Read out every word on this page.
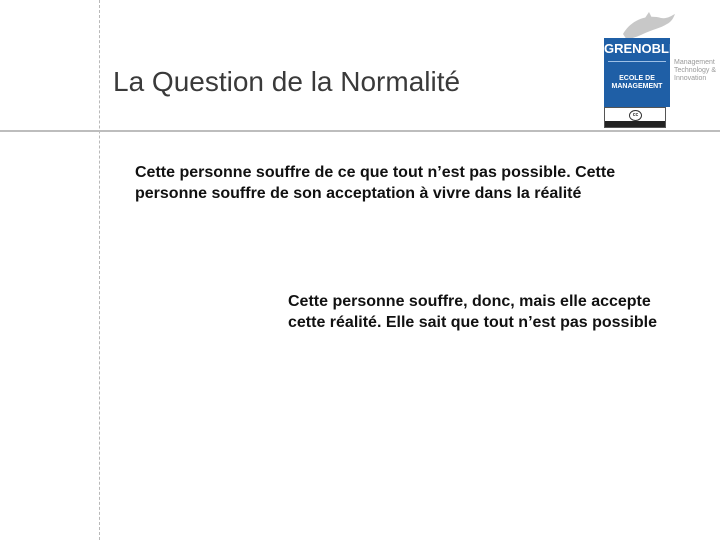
La Question de la Normalité
GRENOBLE
ECOLE DE
MANAGEMENT
Management
Technology &
Innovation
cc
Cette personne souffre de ce que tout n’est pas possible. Cette personne souffre de son acceptation à vivre dans la réalité
Cette personne souffre, donc, mais elle accepte cette réalité. Elle sait que tout n’est pas possible
